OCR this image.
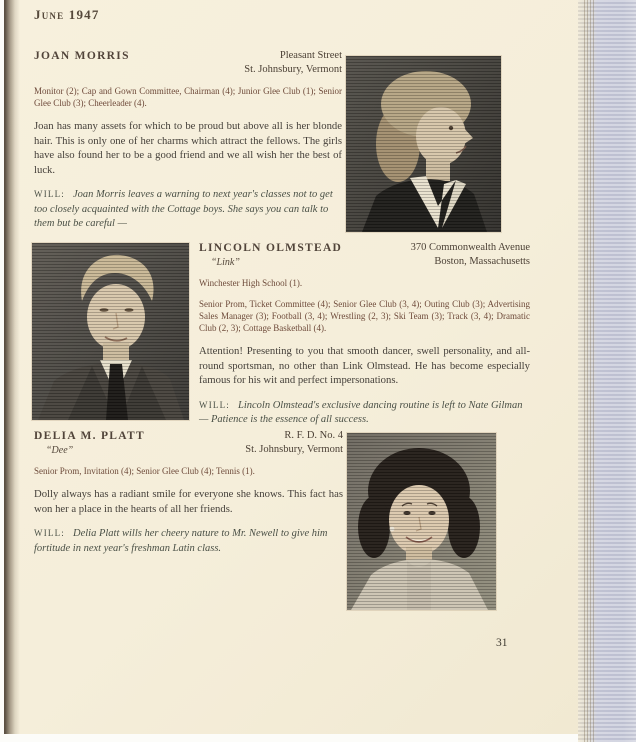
June 1947
JOAN MORRIS	Pleasant Street
St. Johnsbury, Vermont

Monitor (2); Cap and Gown Committee, Chairman (4); Junior Glee Club (1); Senior Glee Club (3); Cheerleader (4).

Joan has many assets for which to be proud but above all is her blonde hair. This is only one of her charms which attract the fellows. The girls have also found her to be a good friend and we all wish her the best of luck.

WILL: Joan Morris leaves a warning to next year's classes not to get too closely acquainted with the Cottage boys. She says you can talk to them but be careful —

LINCOLN OLMSTEAD
“Link”
370 Commonwealth Avenue
Boston, Massachusetts

Winchester High School (1).

Senior Prom, Ticket Committee (4); Senior Glee Club (3, 4); Outing Club (3); Advertising Sales Manager (3); Football (3, 4); Wrestling (2, 3); Ski Team (3); Track (3, 4); Dramatic Club (2, 3); Cottage Basketball (4).

Attention! Presenting to you that smooth dancer, swell personality, and all-round sportsman, no other than Link Olmstead. He has become especially famous for his wit and perfect impersonations.

WILL: Lincoln Olmstead's exclusive dancing routine is left to Nate Gilman — Patience is the essence of all success.

DELIA M. PLATT
“Dee”
R. F. D. No. 4
St. Johnsbury, Vermont

Senior Prom, Invitation (4); Senior Glee Club (4); Tennis (1).

Dolly always has a radiant smile for everyone she knows. This fact has won her a place in the hearts of all her friends.

WILL: Delia Platt wills her cheery nature to Mr. Newell to give him fortitude in next year's freshman Latin class.

31
